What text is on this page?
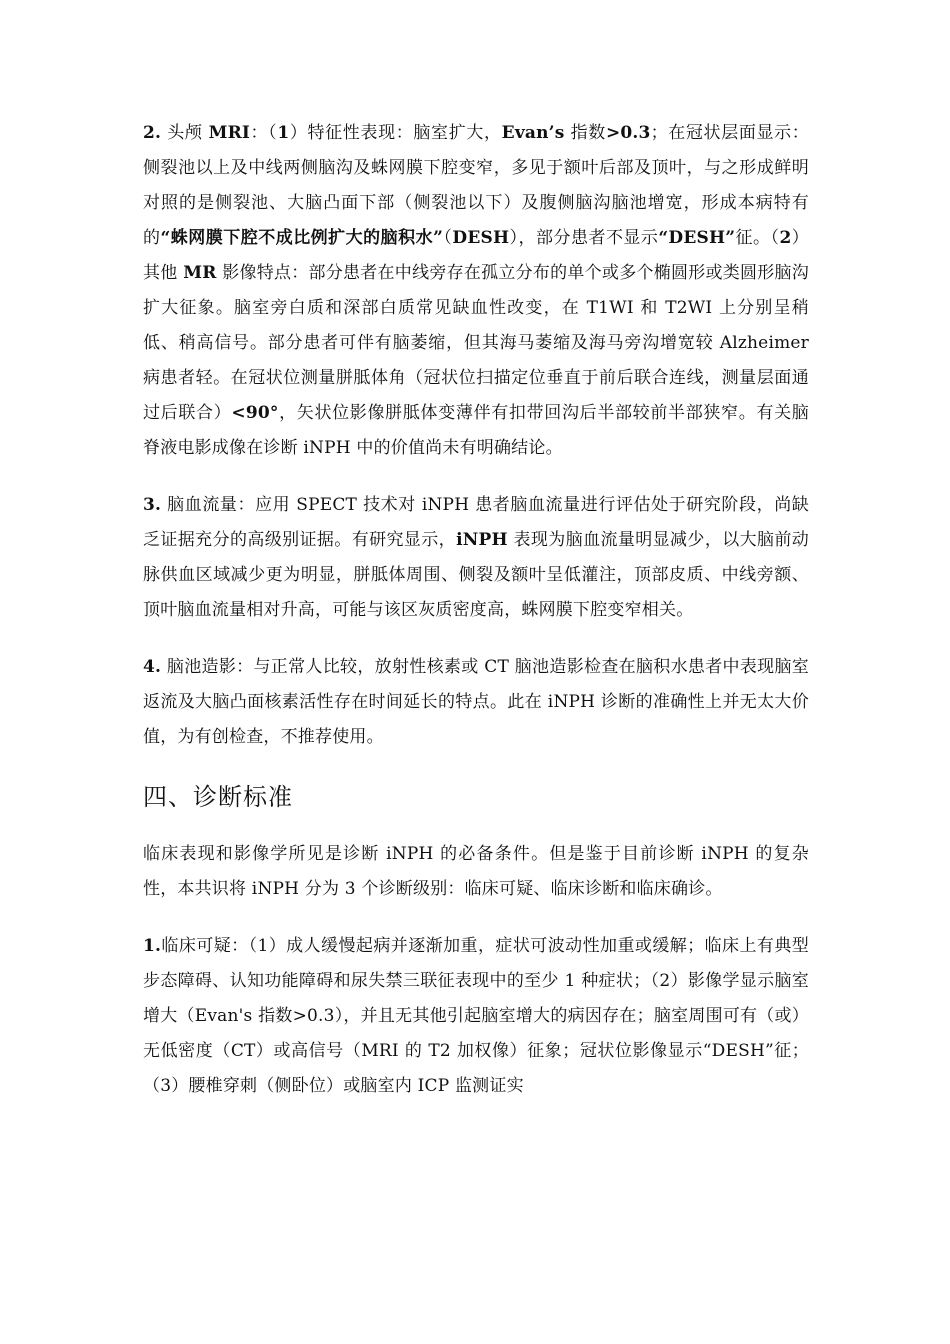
2. 头颅 MRI：（1）特征性表现：脑室扩大，Evan’s 指数>0.3；在冠状层面显示：侧裂池以上及中线两侧脑沟及蛛网膜下腔变窄，多见于额叶后部及顶叶，与之形成鲜明对照的是侧裂池、大脑凸面下部（侧裂池以下）及腹侧脑沟脑池增宽，形成本病特有的“蛛网膜下腔不成比例扩大的脑积水”（DESH），部分患者不显示“DESH”征。（2）其他 MR 影像特点：部分患者在中线旁存在孤立分布的单个或多个椭圆形或类圆形脑沟扩大征象。脑室旁白质和深部白质常见缺血性改变，在 T1WI 和 T2WI 上分别呈稍低、稍高信号。部分患者可伴有脑萎缩，但其海马萎缩及海马旁沟增宽较 Alzheimer 病患者轻。在冠状位测量胼胝体角（冠状位扫描定位垂直于前后联合连线，测量层面通过后联合）<90°，矢状位影像胼胝体变薄伴有扣带回沟后半部较前半部狭窄。有关脑脊液电影成像在诊断 iNPH 中的价值尚未有明确结论。

3. 脑血流量：应用 SPECT 技术对 iNPH 患者脑血流量进行评估处于研究阶段，尚缺乏证据充分的高级别证据。有研究显示，iNPH 表现为脑血流量明显减少，以大脑前动脉供血区域减少更为明显，胼胝体周围、侧裂及额叶呈低灌注，顶部皮质、中线旁额、顶叶脑血流量相对升高，可能与该区灰质密度高，蛛网膜下腔变窄相关。

4. 脑池造影：与正常人比较，放射性核素或 CT 脑池造影检查在脑积水患者中表现脑室返流及大脑凸面核素活性存在时间延长的特点。此在 iNPH 诊断的准确性上并无太大价值，为有创检查，不推荐使用。

四、诊断标准

临床表现和影像学所见是诊断 iNPH 的必备条件。但是鉴于目前诊断 iNPH 的复杂性，本共识将 iNPH 分为 3 个诊断级别：临床可疑、临床诊断和临床确诊。

1.临床可疑：（1）成人缓慢起病并逐渐加重，症状可波动性加重或缓解；临床上有典型步态障碍、认知功能障碍和尿失禁三联征表现中的至少 1 种症状；（2）影像学显示脑室增大（Evan's 指数>0.3），并且无其他引起脑室增大的病因存在；脑室周围可有（或）无低密度（CT）或高信号（MRI 的 T2 加权像）征象；冠状位影像显示“DESH”征；（3）腰椎穿刺（侧卧位）或脑室内 ICP 监测证实
